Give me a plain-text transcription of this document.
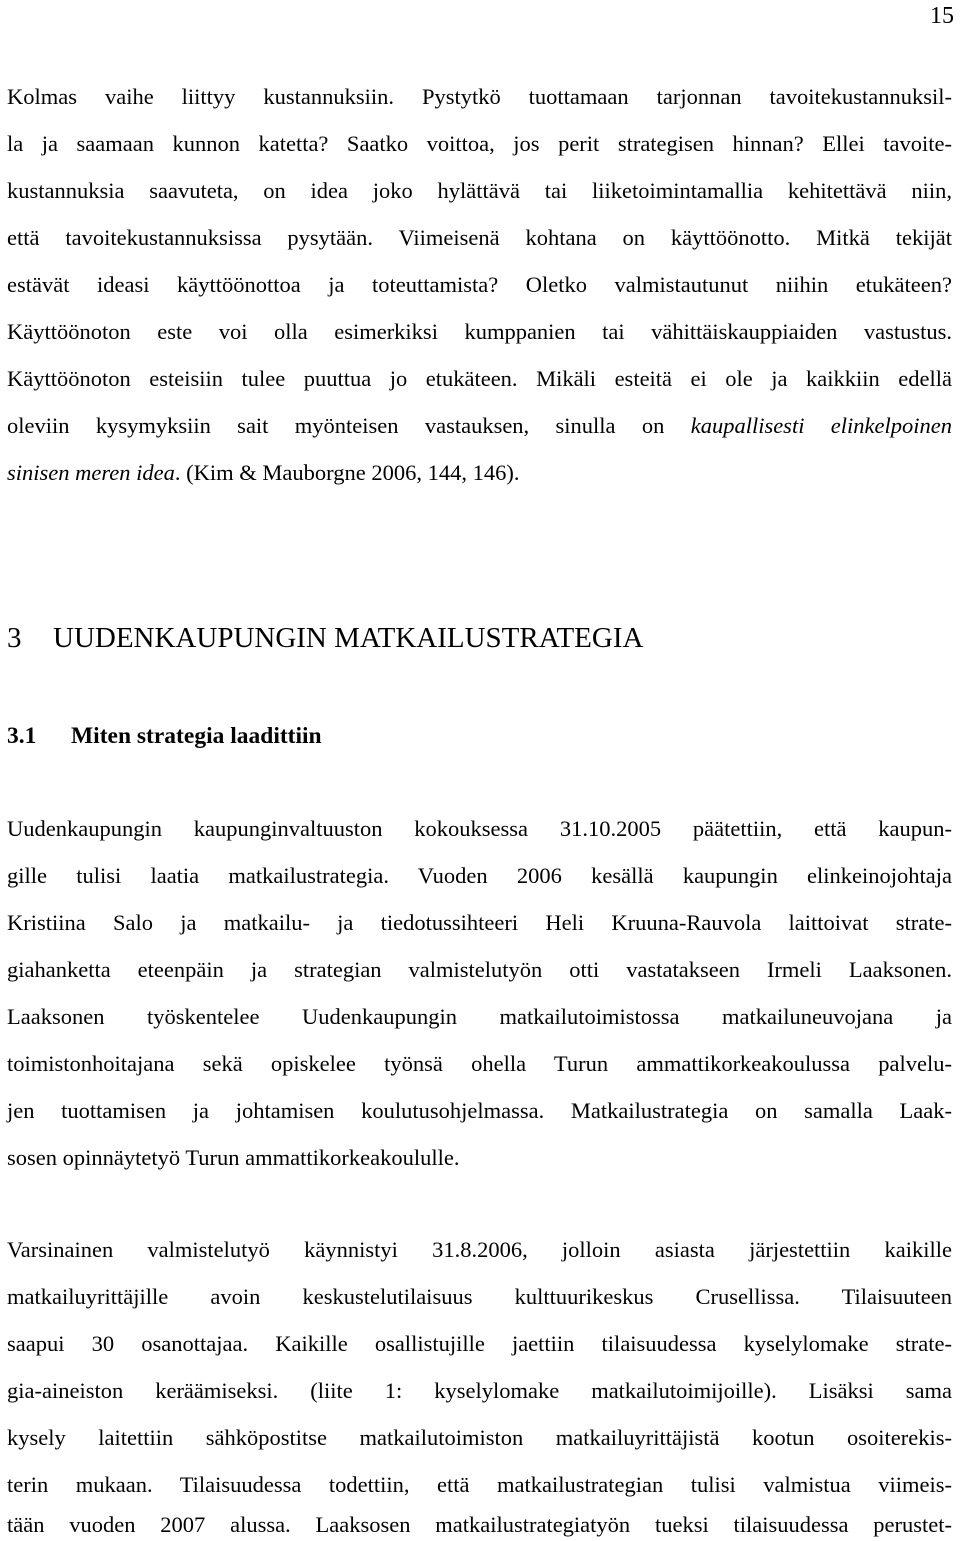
15
Kolmas vaihe liittyy kustannuksiin. Pystytkö tuottamaan tarjonnan tavoitekustannuksil-
la ja saamaan kunnon katetta? Saatko voittoa, jos perit strategisen hinnan? Ellei tavoite-
kustannuksia saavuteta, on idea joko hylättävä tai liiketoimintamallia kehitettävä niin,
että tavoitekustannuksissa pysytään. Viimeisenä kohtana on käyttöönotto. Mitkä tekijät
estävät ideasi käyttöönottoa ja toteuttamista? Oletko valmistautunut niihin etukäteen?
Käyttöönoton este voi olla esimerkiksi kumppanien tai vähittäiskauppiaiden vastustus.
Käyttöönoton esteisiin tulee puuttua jo etukäteen. Mikäli esteitä ei ole ja kaikkiin edellä
oleviin kysymyksiin sait myönteisen vastauksen, sinulla on kaupallisesti elinkelpoinen
sinisen meren idea. (Kim & Mauborgne 2006, 144, 146).
3 UUDENKAUPUNGIN MATKAILUSTRATEGIA
3.1 Miten strategia laadittiin
Uudenkaupungin kaupunginvaltuuston kokouksessa 31.10.2005 päätettiin, että kaupun-
gille tulisi laatia matkailustrategia. Vuoden 2006 kesällä kaupungin elinkeinojohtaja
Kristiina Salo ja matkailu- ja tiedotussihteeri Heli Kruuna-Rauvola laittoivat strate-
giahanketta eteenpäin ja strategian valmistelutyön otti vastatakseen Irmeli Laaksonen.
Laaksonen työskentelee Uudenkaupungin matkailutoimistossa matkailuneuvojana ja
toimistonhoitajana sekä opiskelee työnsä ohella Turun ammattikorkeakoulussa palvelu-
jen tuottamisen ja johtamisen koulutusohjelmassa. Matkailustrategia on samalla Laak-
sosen opinnäytetyö Turun ammattikorkeakoululle.
Varsinainen valmistelutyö käynnistyi 31.8.2006, jolloin asiasta järjestettiin kaikille
matkailuyrittäjille avoin keskustelutilaisuus kulttuurikeskus Crusellissa. Tilaisuuteen
saapui 30 osanottajaa. Kaikille osallistujille jaettiin tilaisuudessa kyselylomake strate-
gia-aineiston keräämiseksi. (liite 1: kyselylomake matkailutoimijoille). Lisäksi sama
kysely laitettiin sähköpostitse matkailutoimiston matkailuyrittäjistä kootun osoiterekis-
terin mukaan. Tilaisuudessa todettiin, että matkailustrategian tulisi valmistua viimeis-
tään vuoden 2007 alussa. Laaksosen matkailustrategiatyön tueksi tilaisuudessa perustet-
